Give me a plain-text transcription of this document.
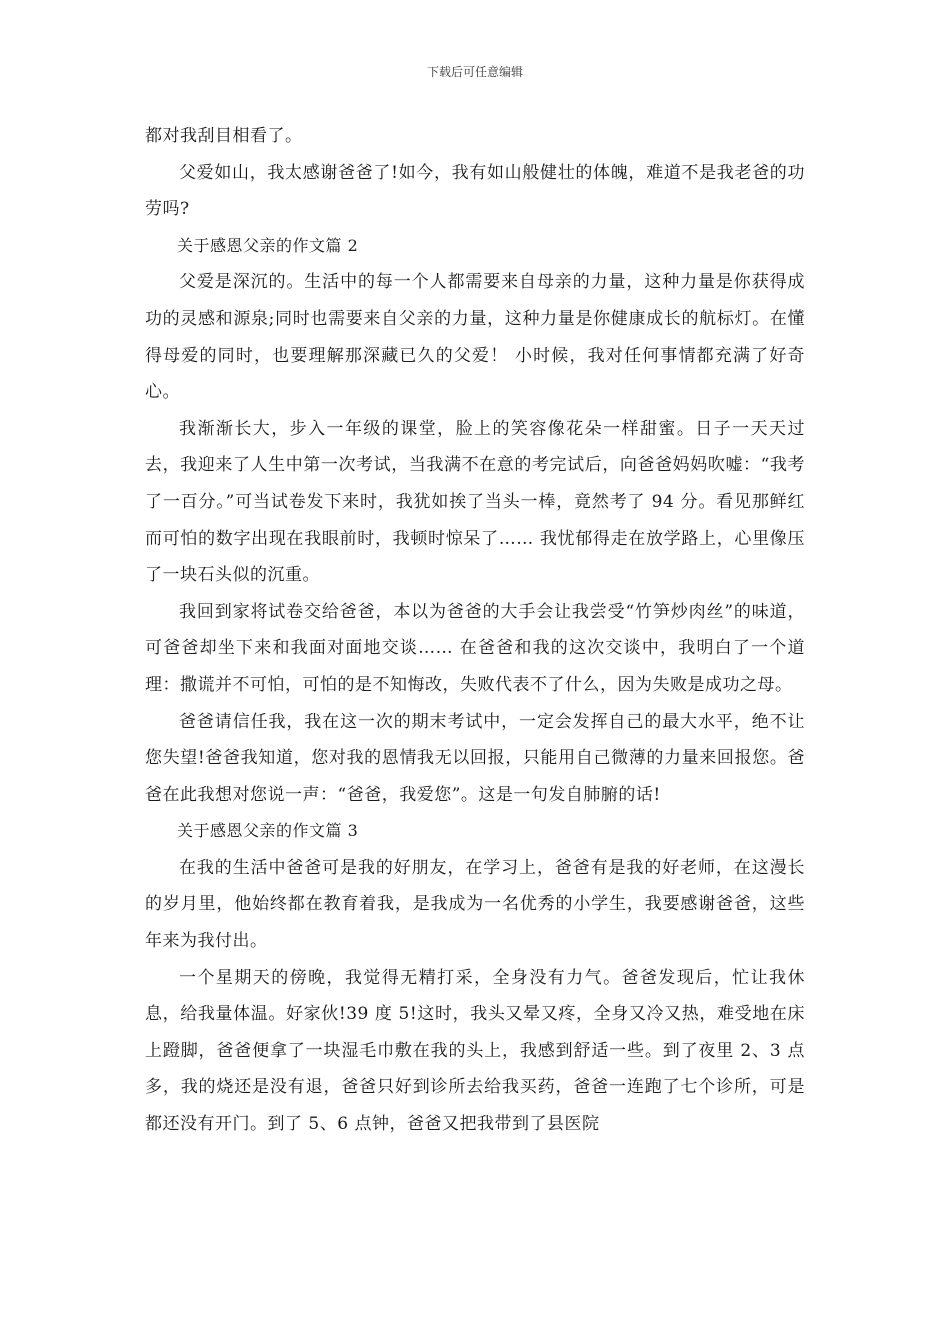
下载后可任意编辑

都对我刮目相看了。

父爱如山，我太感谢爸爸了!如今，我有如山般健壮的体魄，难道不是我老爸的功劳吗?

关于感恩父亲的作文篇 2

父爱是深沉的。生活中的每一个人都需要来自母亲的力量，这种力量是你获得成功的灵感和源泉;同时也需要来自父亲的力量，这种力量是你健康成长的航标灯。在懂得母爱的同时，也要理解那深藏已久的父爱！ 小时候，我对任何事情都充满了好奇心。

我渐渐长大，步入一年级的课堂，脸上的笑容像花朵一样甜蜜。日子一天天过去，我迎来了人生中第一次考试，当我满不在意的考完试后，向爸爸妈妈吹嘘：“我考了一百分。”可当试卷发下来时，我犹如挨了当头一棒，竟然考了 94 分。看见那鲜红而可怕的数字出现在我眼前时，我顿时惊呆了…… 我忧郁得走在放学路上，心里像压了一块石头似的沉重。

我回到家将试卷交给爸爸，本以为爸爸的大手会让我尝受“竹笋炒肉丝”的味道，可爸爸却坐下来和我面对面地交谈…… 在爸爸和我的这次交谈中，我明白了一个道理：撒谎并不可怕，可怕的是不知悔改，失败代表不了什么，因为失败是成功之母。

爸爸请信任我，我在这一次的期末考试中，一定会发挥自己的最大水平，绝不让您失望!爸爸我知道，您对我的恩情我无以回报，只能用自己微薄的力量来回报您。爸爸在此我想对您说一声：“爸爸，我爱您”。这是一句发自肺腑的话!

关于感恩父亲的作文篇 3

在我的生活中爸爸可是我的好朋友，在学习上，爸爸有是我的好老师，在这漫长的岁月里，他始终都在教育着我，是我成为一名优秀的小学生，我要感谢爸爸，这些年来为我付出。

一个星期天的傍晚，我觉得无精打采，全身没有力气。爸爸发现后，忙让我休息，给我量体温。好家伙!39 度 5!这时，我头又晕又疼，全身又冷又热，难受地在床上蹬脚，爸爸便拿了一块湿毛巾敷在我的头上，我感到舒适一些。到了夜里 2、3 点多，我的烧还是没有退，爸爸只好到诊所去给我买药，爸爸一连跑了七个诊所，可是都还没有开门。到了 5、6 点钟，爸爸又把我带到了县医院
